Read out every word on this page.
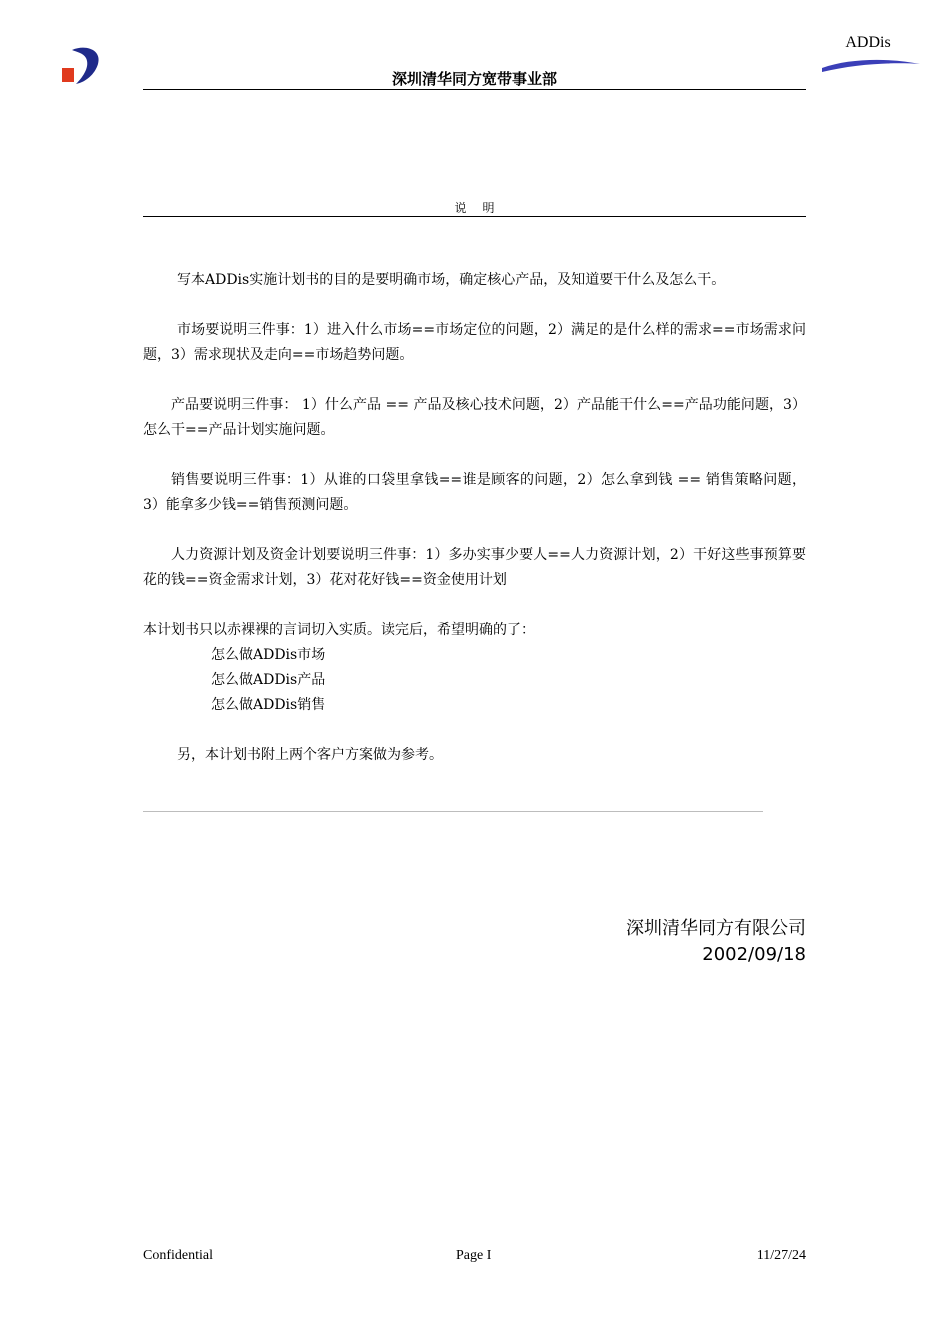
ADDis
深圳清华同方宽带事业部
说明

写本ADDis实施计划书的目的是要明确市场，确定核心产品，及知道要干什么及怎么干。

市场要说明三件事：1）进入什么市场==市场定位的问题，2）满足的是什么样的需求==市场需求问题，3）需求现状及走向==市场趋势问题。

产品要说明三件事： 1）什么产品 == 产品及核心技术问题，2）产品能干什么==产品功能问题，3）怎么干==产品计划实施问题。

销售要说明三件事：1）从谁的口袋里拿钱==谁是顾客的问题，2）怎么拿到钱 == 销售策略问题，3）能拿多少钱==销售预测问题。

人力资源计划及资金计划要说明三件事：1）多办实事少要人==人力资源计划，2）干好这些事预算要花的钱==资金需求计划，3）花对花好钱==资金使用计划

本计划书只以赤裸裸的言词切入实质。读完后，希望明确的了：

怎么做ADDis市场
怎么做ADDis产品
怎么做ADDis销售

另，本计划书附上两个客户方案做为参考。

深圳清华同方有限公司
2002/09/18
Confidential	Page I	11/27/24
